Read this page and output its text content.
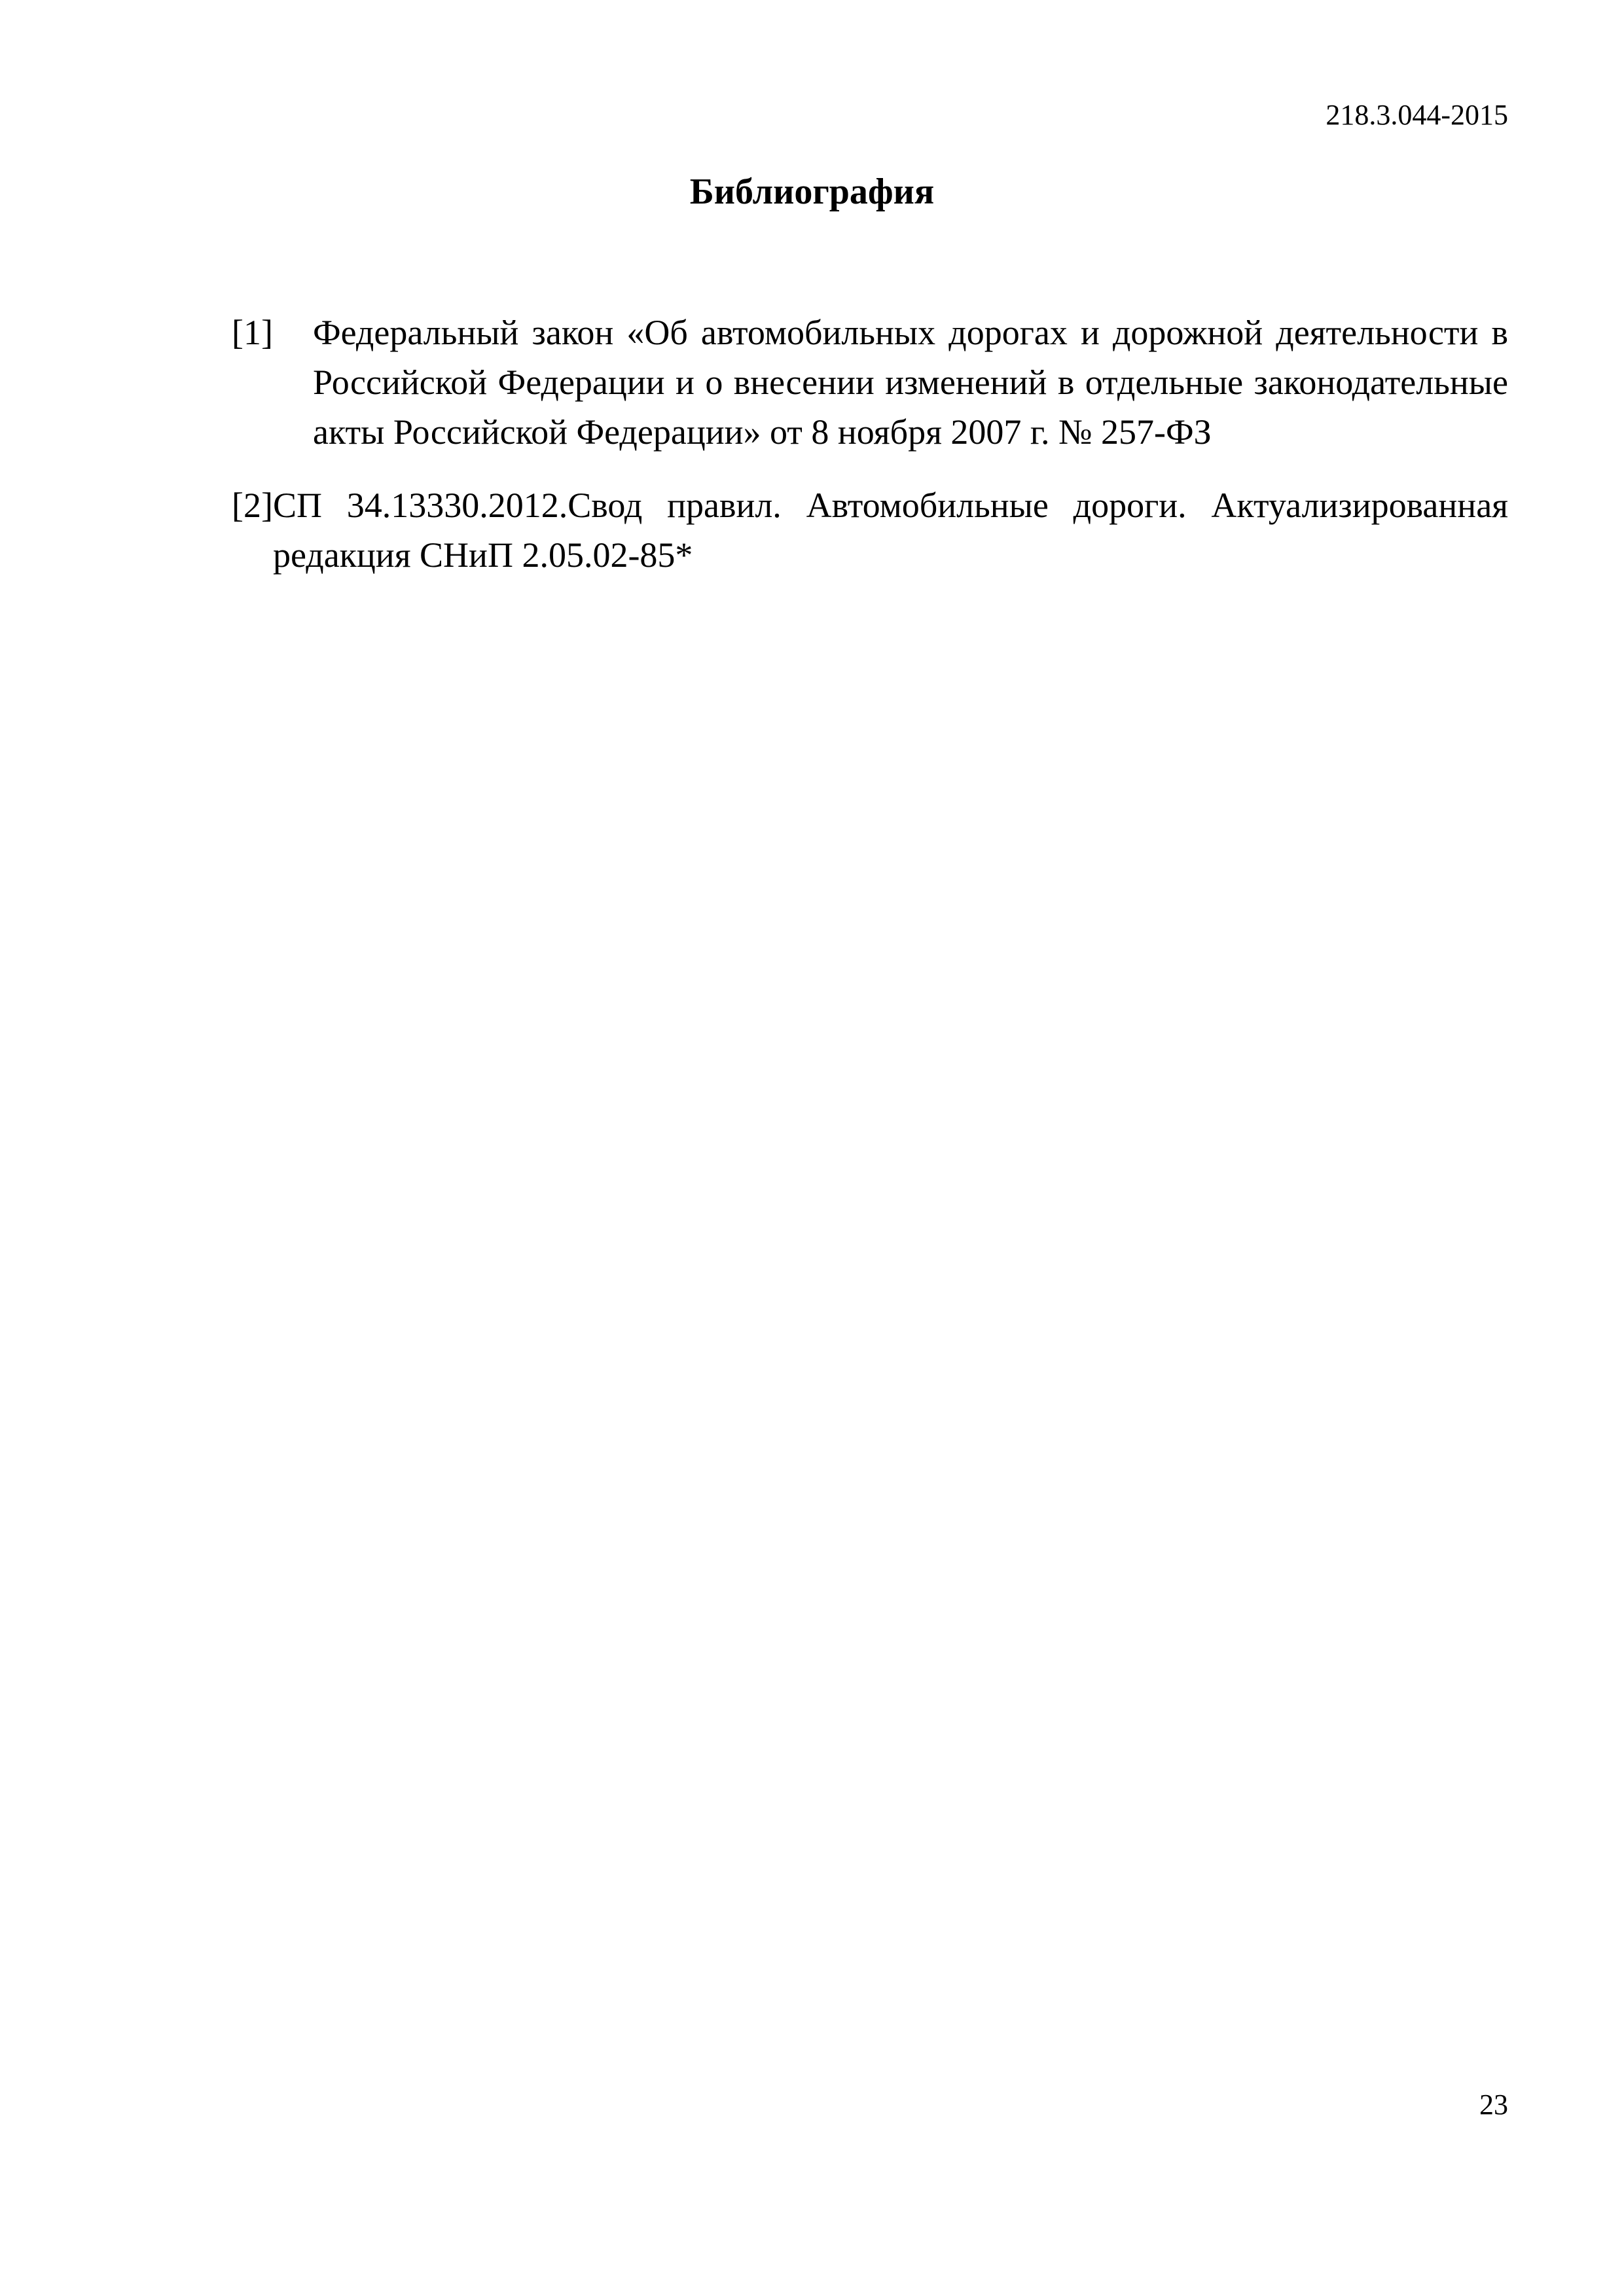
218.3.044-2015
Библиография
[1]	Федеральный закон «Об автомобильных дорогах и дорожной деятельности в Российской Федерации и о внесении изменений в отдельные законодательные акты Российской Федерации» от 8 ноября 2007 г. № 257-ФЗ
[2] СП 34.13330.2012.Свод правил. Автомобильные дороги. Актуализированная редакция СНиП 2.05.02-85*
23
